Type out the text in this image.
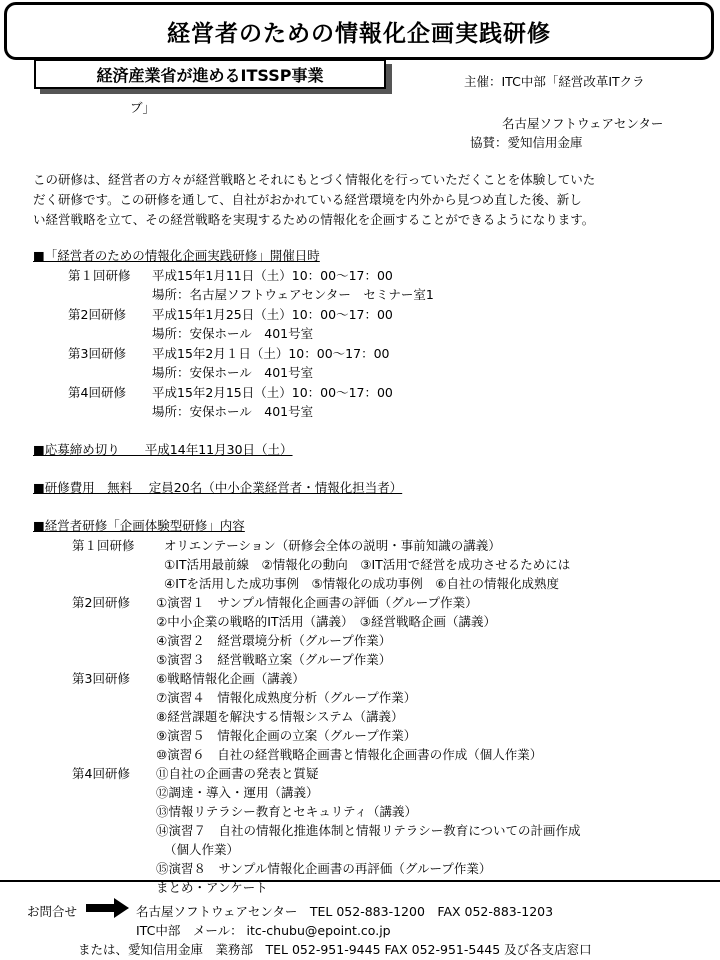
経営者のための情報化企画実践研修
経済産業省が進めるITSSP事業	主催：ITC中部「経営改革ITクラ
ブ」
名古屋ソフトウェアセンター
協賛：愛知信用金庫
この研修は、経営者の方々が経営戦略とそれにもとづく情報化を行っていただくことを体験していた
だく研修です。この研修を通して、自社がおかれている経営環境を内外から見つめ直した後、新し
い経営戦略を立て、その経営戦略を実現するための情報化を企画することができるようになります。
■「経営者のための情報化企画実践研修」開催日時
第１回研修 平成15年1月11日（土）10：00～17：00
場所：名古屋ソフトウェアセンター　セミナー室1
第2回研修 平成15年1月25日（土）10：00～17：00
場所：安保ホール　401号室
第3回研修 平成15年2月１日（土）10：00～17：00
場所：安保ホール　401号室
第4回研修 平成15年2月15日（土）10：00～17：00
場所：安保ホール　401号室
■応募締め切り　　平成14年11月30日（土）
■研修費用　無料　 定員20名（中小企業経営者・情報化担当者）
■経営者研修「企画体験型研修」内容
第１回研修 オリエンテーション（研修会全体の説明・事前知識の講義）
①IT活用最前線　②情報化の動向　③IT活用で経営を成功させるためには
④ITを活用した成功事例　⑤情報化の成功事例　⑥自社の情報化成熟度
第2回研修 ①演習１　サンプル情報化企画書の評価（グループ作業）
②中小企業の戦略的IT活用（講義）　③経営戦略企画（講義）
④演習２　経営環境分析（グループ作業）
⑤演習３　経営戦略立案（グループ作業）
第3回研修 ⑥戦略情報化企画（講義）
⑦演習４　情報化成熟度分析（グループ作業）
⑧経営課題を解決する情報システム（講義）
⑨演習５　情報化企画の立案（グループ作業）
⑩演習６　自社の経営戦略企画書と情報化企画書の作成（個人作業）
第4回研修 ⑪自社の企画書の発表と質疑
⑫調達・導入・運用（講義）
⑬情報リテラシー教育とセキュリティ（講義）
⑭演習７　自社の情報化推進体制と情報リテラシー教育についての計画作成
（個人作業）
⑮演習８　サンプル情報化企画書の再評価（グループ作業）
まとめ・アンケート
お問合せ	名古屋ソフトウェアセンター　TEL 052-883-1200　FAX 052-883-1203
ITC中部　メール： itc-chubu@epoint.co.jp
または、愛知信用金庫　業務部　TEL 052-951-9445 FAX 052-951-5445 及び各支店窓口
